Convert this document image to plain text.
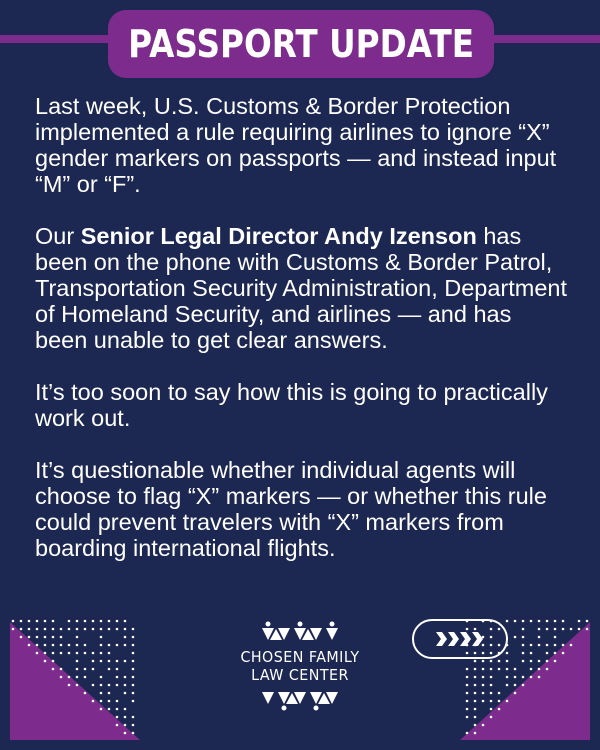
PASSPORT UPDATE

Last week, U.S. Customs & Border Protection implemented a rule requiring airlines to ignore “X” gender markers on passports — and instead input “M” or “F”.

Our Senior Legal Director Andy Izenson has been on the phone with Customs & Border Patrol, Transportation Security Administration, Department of Homeland Security, and airlines — and has been unable to get clear answers.

It’s too soon to say how this is going to practically work out.

It’s questionable whether individual agents will choose to flag “X” markers — or whether this rule could prevent travelers with “X” markers from boarding international flights.

CHOSEN FAMILY
LAW CENTER
